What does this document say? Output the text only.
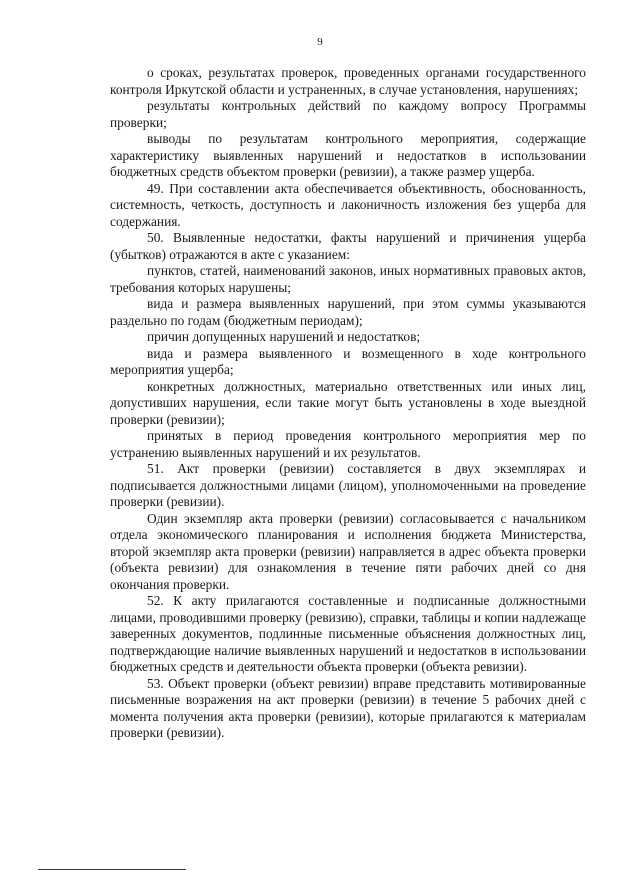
9

о сроках, результатах проверок, проведенных органами государственного контроля Иркутской области и устраненных, в случае установления, нарушениях;

результаты контрольных действий по каждому вопросу Программы проверки;

выводы по результатам контрольного мероприятия, содержащие характеристику выявленных нарушений и недостатков в использовании бюджетных средств объектом проверки (ревизии), а также размер ущерба.

49. При составлении акта обеспечивается объективность, обоснованность, системность, четкость, доступность и лаконичность изложения без ущерба для содержания.

50. Выявленные недостатки, факты нарушений и причинения ущерба (убытков) отражаются в акте с указанием:

пунктов, статей, наименований законов, иных нормативных правовых актов, требования которых нарушены;

вида и размера выявленных нарушений, при этом суммы указываются раздельно по годам (бюджетным периодам);

причин допущенных нарушений и недостатков;

вида и размера выявленного и возмещенного в ходе контрольного мероприятия ущерба;

конкретных должностных, материально ответственных или иных лиц, допустивших нарушения, если такие могут быть установлены в ходе выездной проверки (ревизии);

принятых в период проведения контрольного мероприятия мер по устранению выявленных нарушений и их результатов.

51. Акт проверки (ревизии) составляется в двух экземплярах и подписывается должностными лицами (лицом), уполномоченными на проведение проверки (ревизии).

Один экземпляр акта проверки (ревизии) согласовывается с начальником отдела экономического планирования и исполнения бюджета Министерства, второй экземпляр акта проверки (ревизии) направляется в адрес объекта проверки (объекта ревизии) для ознакомления в течение пяти рабочих дней со дня окончания проверки.

52. К акту прилагаются составленные и подписанные должностными лицами, проводившими проверку (ревизию), справки, таблицы и копии надлежаще заверенных документов, подлинные письменные объяснения должностных лиц, подтверждающие наличие выявленных нарушений и недостатков в использовании бюджетных средств и деятельности объекта проверки (объекта ревизии).

53. Объект проверки (объект ревизии) вправе представить мотивированные письменные возражения на акт проверки (ревизии) в течение 5 рабочих дней с момента получения акта проверки (ревизии), которые прилагаются к материалам проверки (ревизии).
